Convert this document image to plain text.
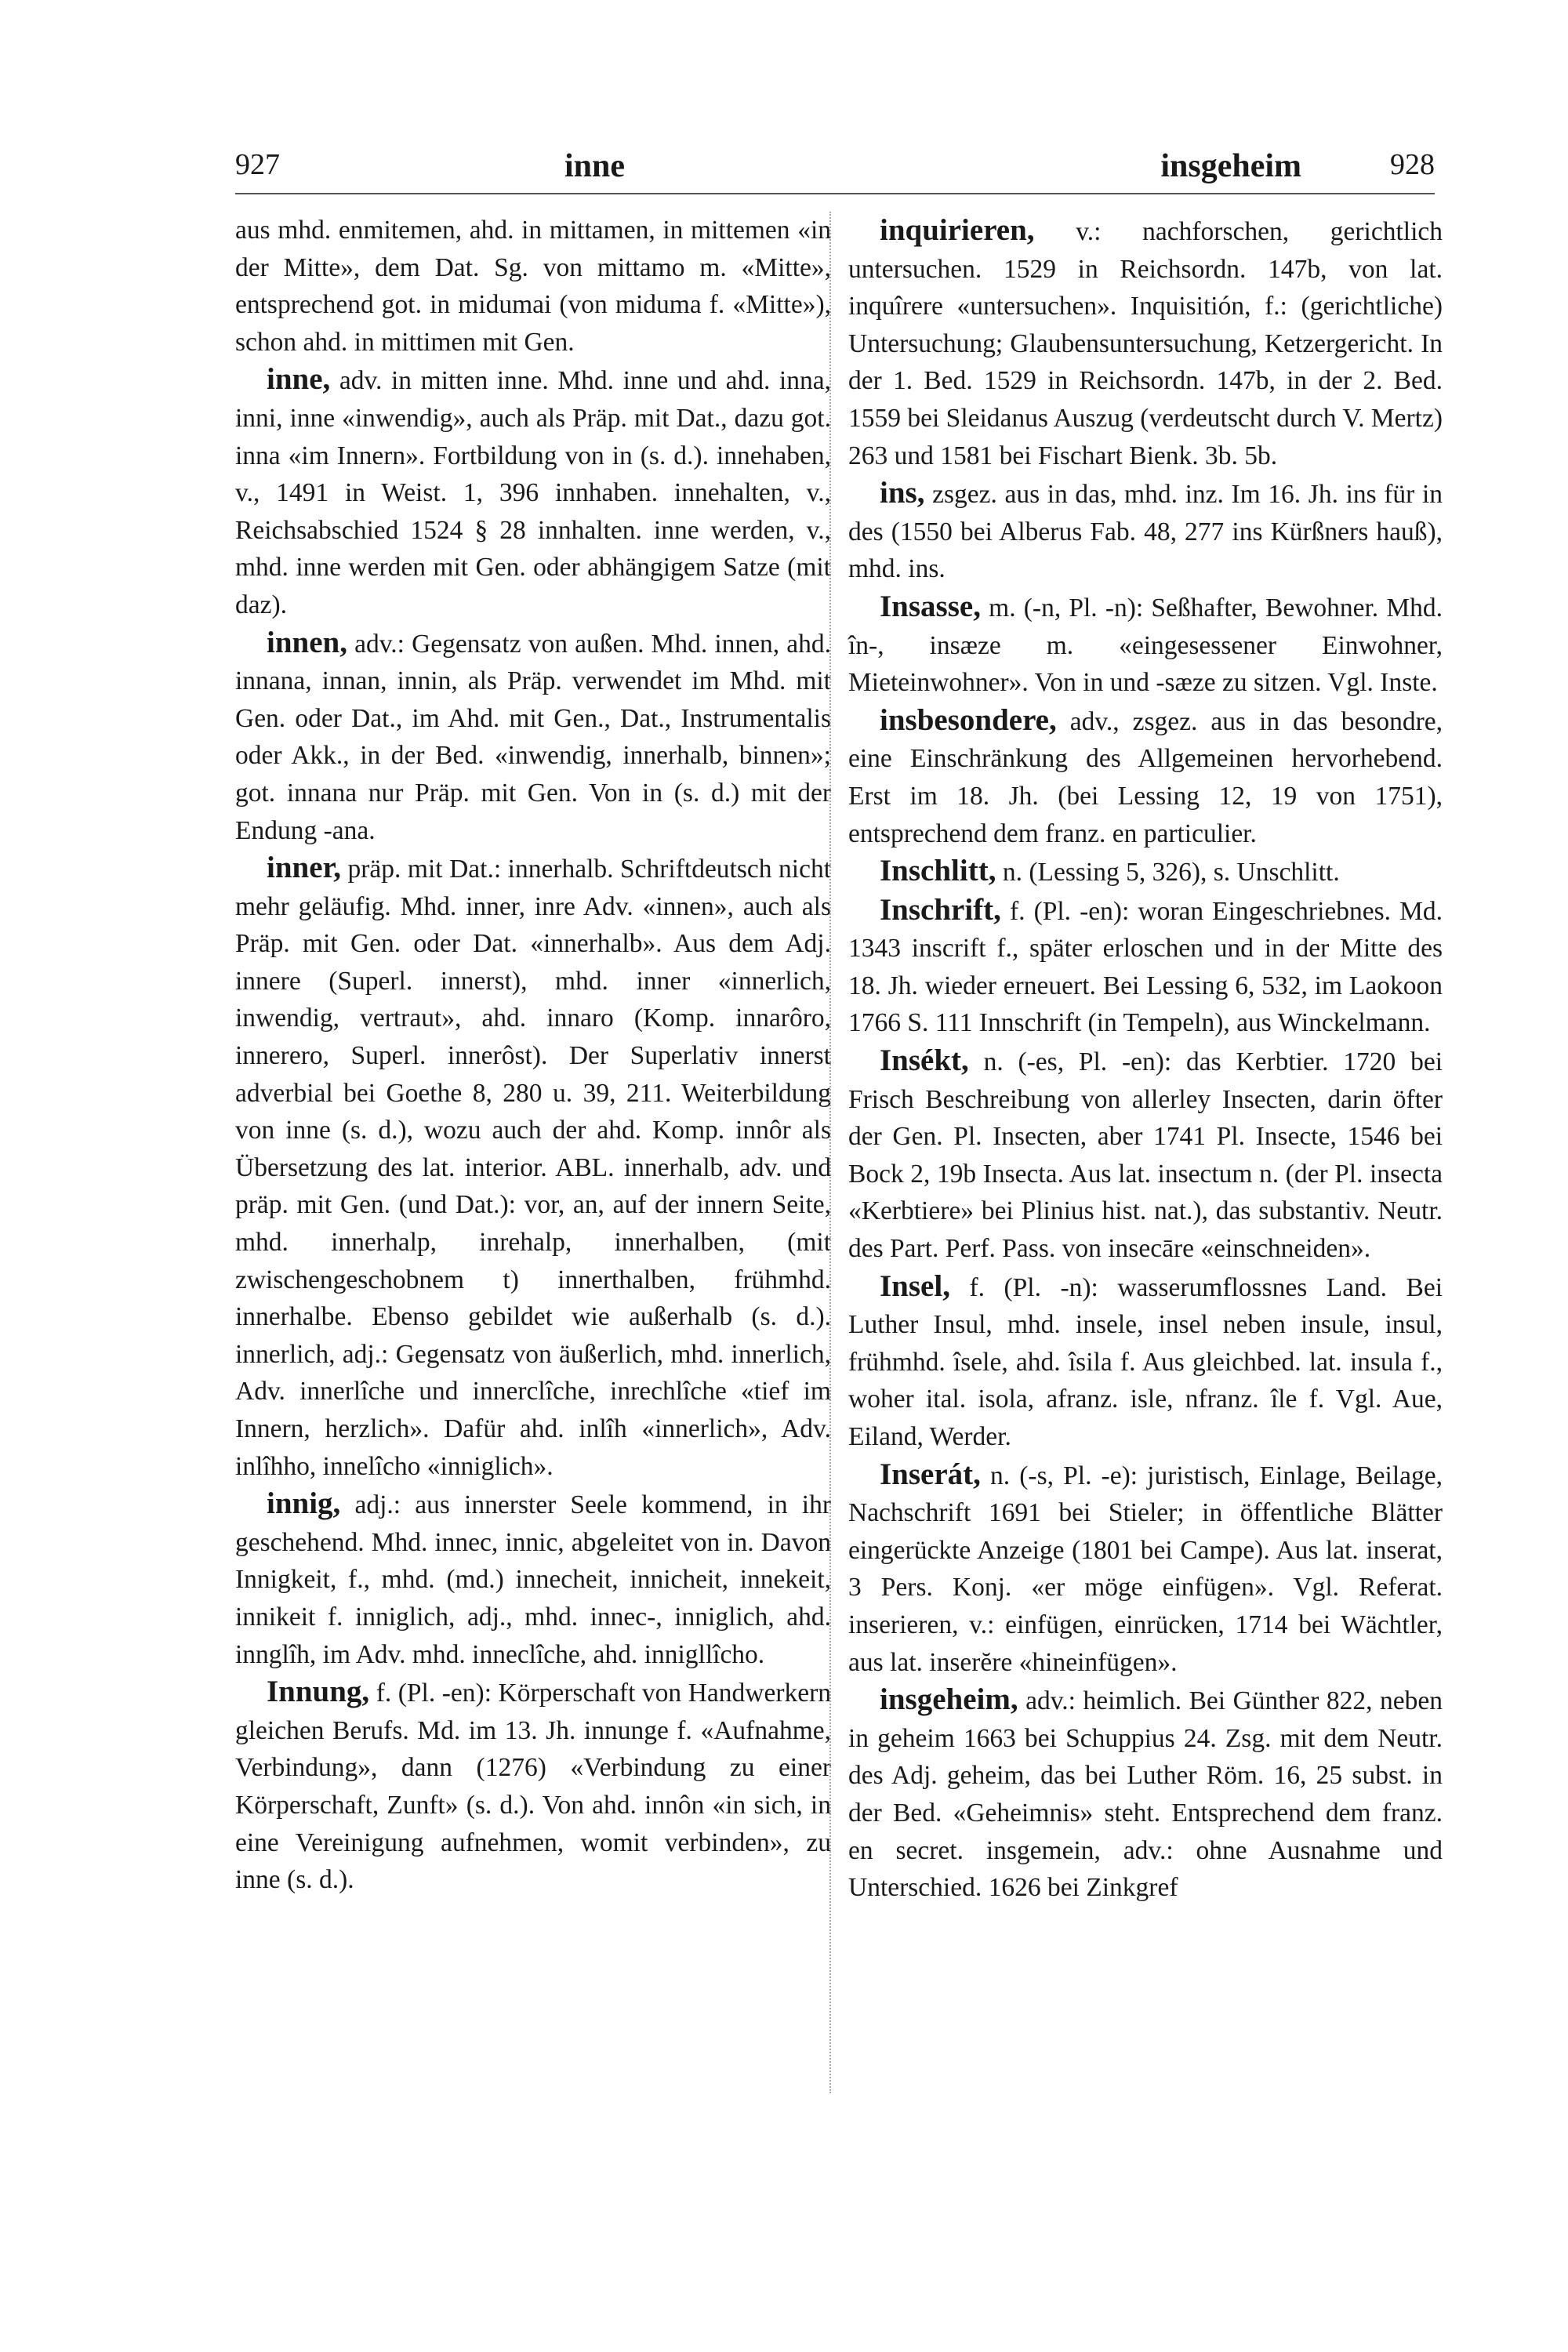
927	inne	insgeheim	928

aus mhd. enmitemen, ahd. in mittamen, in mittemen «in der Mitte», dem Dat. Sg. von mittamo m. «Mitte», entsprechend got. in midumai (von miduma f. «Mitte»), schon ahd. in mittimen mit Gen.

inne, adv. in mitten inne. Mhd. inne und ahd. inna, inni, inne «inwendig», auch als Präp. mit Dat., dazu got. inna «im Innern». Fortbildung von in (s. d.). innehaben, v., 1491 in Weist. 1, 396 innhaben. innehalten, v., Reichsabschied 1524 § 28 innhalten. inne werden, v., mhd. inne werden mit Gen. oder abhängigem Satze (mit daz).

innen, adv.: Gegensatz von außen. Mhd. innen, ahd. innana, innan, innin, als Präp. verwendet im Mhd. mit Gen. oder Dat., im Ahd. mit Gen., Dat., Instrumentalis oder Akk., in der Bed. «inwendig, innerhalb, binnen»; got. innana nur Präp. mit Gen. Von in (s. d.) mit der Endung -ana.

inner, präp. mit Dat.: innerhalb. Schriftdeutsch nicht mehr geläufig. Mhd. inner, inre Adv. «innen», auch als Präp. mit Gen. oder Dat. «innerhalb». Aus dem Adj. innere (Superl. innerst), mhd. inner «innerlich, inwendig, vertraut», ahd. innaro (Komp. innarôro, innerero, Superl. innerôst). Der Superlativ innerst adverbial bei Goethe 8, 280 u. 39, 211. Weiterbildung von inne (s. d.), wozu auch der ahd. Komp. innôr als Übersetzung des lat. interior. ABL. innerhalb, adv. und präp. mit Gen. (und Dat.): vor, an, auf der innern Seite, mhd. innerhalp, inrehalp, innerhalben, (mit zwischengeschobnem t) innerthalben, frühmhd. innerhalbe. Ebenso gebildet wie außerhalb (s. d.). innerlich, adj.: Gegensatz von äußerlich, mhd. innerlich, Adv. innerlîche und innerclîche, inrechlîche «tief im Innern, herzlich». Dafür ahd. inlîh «innerlich», Adv. inlîhho, innelîcho «inniglich».

innig, adj.: aus innerster Seele kommend, in ihr geschehend. Mhd. innec, innic, abgeleitet von in. Davon Innigkeit, f., mhd. (md.) innecheit, innicheit, innekeit, innikeit f. inniglich, adj., mhd. innec-, inniglich, ahd. innglîh, im Adv. mhd. inneclîche, ahd. innigllîcho.

Innung, f. (Pl. -en): Körperschaft von Handwerkern gleichen Berufs. Md. im 13. Jh. innunge f. «Aufnahme, Verbindung», dann (1276) «Verbindung zu einer Körperschaft, Zunft» (s. d.). Von ahd. innôn «in sich, in eine Vereinigung aufnehmen, womit verbinden», zu inne (s. d.).

inquirieren, v.: nachforschen, gerichtlich untersuchen. 1529 in Reichsordn. 147b, von lat. inquîrere «untersuchen». Inquisitión, f.: (gerichtliche) Untersuchung; Glaubensuntersuchung, Ketzergericht. In der 1. Bed. 1529 in Reichsordn. 147b, in der 2. Bed. 1559 bei Sleidanus Auszug (verdeutscht durch V. Mertz) 263 und 1581 bei Fischart Bienk. 3b. 5b.

ins, zsgez. aus in das, mhd. inz. Im 16. Jh. ins für in des (1550 bei Alberus Fab. 48, 277 ins Kürßners hauß), mhd. ins.

Insasse, m. (-n, Pl. -n): Seßhafter, Bewohner. Mhd. în-, insæze m. «eingesessener Einwohner, Mieteinwohner». Von in und -sæze zu sitzen. Vgl. Inste.

insbesondere, adv., zsgez. aus in das besondre, eine Einschränkung des Allgemeinen hervorhebend. Erst im 18. Jh. (bei Lessing 12, 19 von 1751), entsprechend dem franz. en particulier.

Inschlitt, n. (Lessing 5, 326), s. Unschlitt.

Inschrift, f. (Pl. -en): woran Eingeschriebnes. Md. 1343 inscrift f., später erloschen und in der Mitte des 18. Jh. wieder erneuert. Bei Lessing 6, 532, im Laokoon 1766 S. 111 Innschrift (in Tempeln), aus Winckelmann.

Insékt, n. (-es, Pl. -en): das Kerbtier. 1720 bei Frisch Beschreibung von allerley Insecten, darin öfter der Gen. Pl. Insecten, aber 1741 Pl. Insecte, 1546 bei Bock 2, 19b Insecta. Aus lat. insectum n. (der Pl. insecta «Kerbtiere» bei Plinius hist. nat.), das substantiv. Neutr. des Part. Perf. Pass. von insecāre «einschneiden».

Insel, f. (Pl. -n): wasserumflossnes Land. Bei Luther Insul, mhd. insele, insel neben insule, insul, frühmhd. îsele, ahd. îsila f. Aus gleichbed. lat. insula f., woher ital. isola, afranz. isle, nfranz. île f. Vgl. Aue, Eiland, Werder.

Inserát, n. (-s, Pl. -e): juristisch, Einlage, Beilage, Nachschrift 1691 bei Stieler; in öffentliche Blätter eingerückte Anzeige (1801 bei Campe). Aus lat. inserat, 3 Pers. Konj. «er möge einfügen». Vgl. Referat. inserieren, v.: einfügen, einrücken, 1714 bei Wächtler, aus lat. inserĕre «hineinfügen».

insgeheim, adv.: heimlich. Bei Günther 822, neben in geheim 1663 bei Schuppius 24. Zsg. mit dem Neutr. des Adj. geheim, das bei Luther Röm. 16, 25 subst. in der Bed. «Geheimnis» steht. Entsprechend dem franz. en secret. insgemein, adv.: ohne Ausnahme und Unterschied. 1626 bei Zinkgref
